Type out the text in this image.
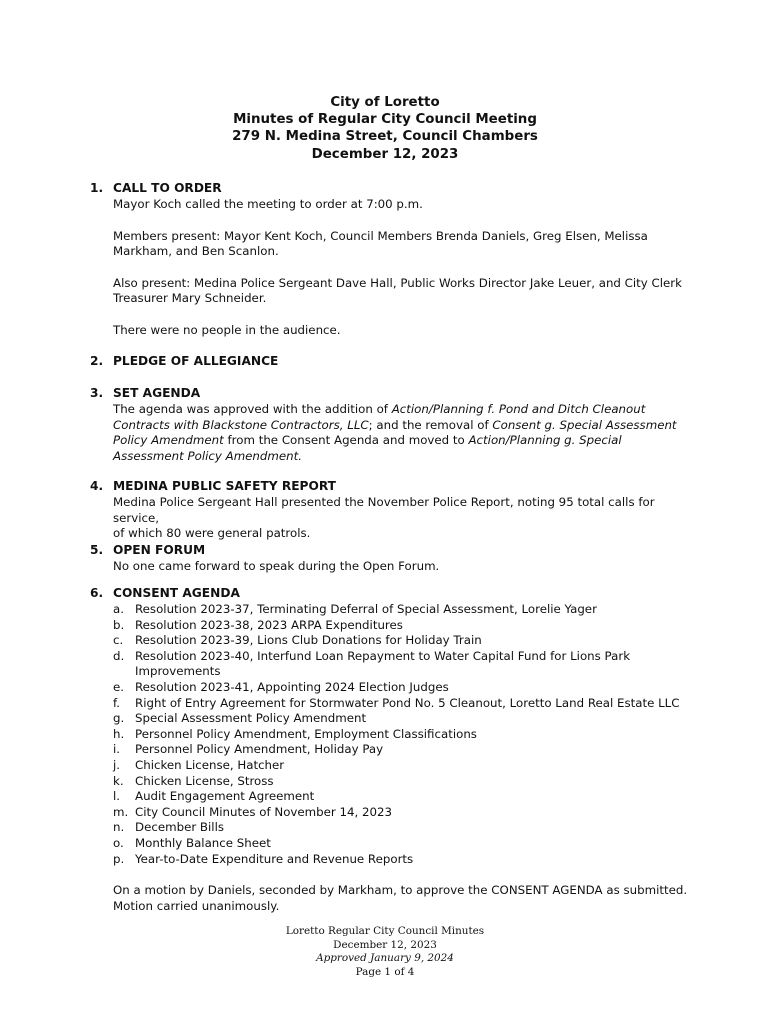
City of Loretto
Minutes of Regular City Council Meeting
279 N. Medina Street, Council Chambers
December 12, 2023
1. CALL TO ORDER
Mayor Koch called the meeting to order at 7:00 p.m.
Members present: Mayor Kent Koch, Council Members Brenda Daniels, Greg Elsen, Melissa
Markham, and Ben Scanlon.
Also present: Medina Police Sergeant Dave Hall, Public Works Director Jake Leuer, and City Clerk
Treasurer Mary Schneider.
There were no people in the audience.
2. PLEDGE OF ALLEGIANCE
3. SET AGENDA
The agenda was approved with the addition of Action/Planning f. Pond and Ditch Cleanout
Contracts with Blackstone Contractors, LLC; and the removal of Consent g. Special Assessment
Policy Amendment from the Consent Agenda and moved to Action/Planning g. Special
Assessment Policy Amendment.
4. MEDINA PUBLIC SAFETY REPORT
Medina Police Sergeant Hall presented the November Police Report, noting 95 total calls for service,
of which 80 were general patrols.
5. OPEN FORUM
No one came forward to speak during the Open Forum.
6. CONSENT AGENDA
a. Resolution 2023-37, Terminating Deferral of Special Assessment, Lorelie Yager
b. Resolution 2023-38, 2023 ARPA Expenditures
c. Resolution 2023-39, Lions Club Donations for Holiday Train
d. Resolution 2023-40, Interfund Loan Repayment to Water Capital Fund for Lions Park
Improvements
e. Resolution 2023-41, Appointing 2024 Election Judges
f. Right of Entry Agreement for Stormwater Pond No. 5 Cleanout, Loretto Land Real Estate LLC
g. Special Assessment Policy Amendment
h. Personnel Policy Amendment, Employment Classifications
i. Personnel Policy Amendment, Holiday Pay
j. Chicken License, Hatcher
k. Chicken License, Stross
l. Audit Engagement Agreement
m. City Council Minutes of November 14, 2023
n. December Bills
o. Monthly Balance Sheet
p. Year-to-Date Expenditure and Revenue Reports
On a motion by Daniels, seconded by Markham, to approve the CONSENT AGENDA as submitted.
Motion carried unanimously.
Loretto Regular City Council Minutes
December 12, 2023
Approved January 9, 2024
Page 1 of 4
